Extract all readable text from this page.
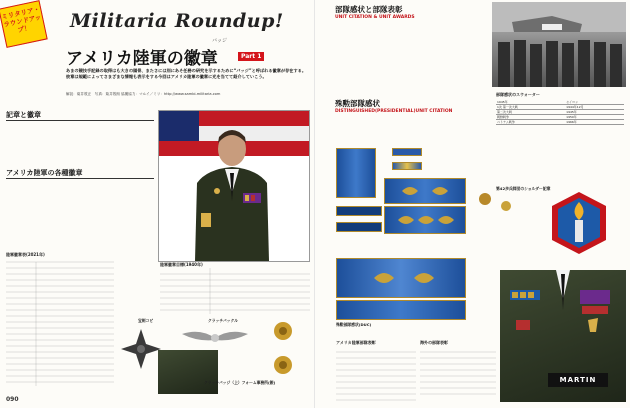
ミリタリア・ラウンドアップ！	Militaria Roundup!
アメリカ陸軍の徽章
バッジ
Part 1
あまの競技手記録の取得はも大きの頭骨、またさには別にあそ任務の研究を示するために“バッジ”と呼ばれる徽章が存在する。彼章は規範によってさまざまな情報も表示をする今回はアメリカ陸軍の徽章に光を当てて紹介していこう。
解説：菊井敦正　写真：菊井敦朗 協撮協力：マルイ／ミリ：http://www.sambi-militaria.com
記章と徽章
アメリカ陸軍の各種徽章
陸軍徽章表(2021年)
陸軍徽章目標(1940年)
宝剣コピ	クラッチバックル
クラッチバッジ（上）フォーム事務所(銀)
090
部隊感状と部隊表彰
UNIT CITATION & UNIT AWARDS
殊勲部隊感状
DISTINGUISHED(PRESIDENTIAL)UNIT CITATION
殊勲部隊感状(DUC)
アメリカ陸軍部隊表彰	海外の部隊表彰
部隊感状のスウォーター
1945年	セイロン
1次 第一次大戦	1944年12月
第二次大戦	1945年
朝鮮戦争	1950年
ベトナム戦争	1966年
第42歩兵師団のショルダー記章
MARTIN
